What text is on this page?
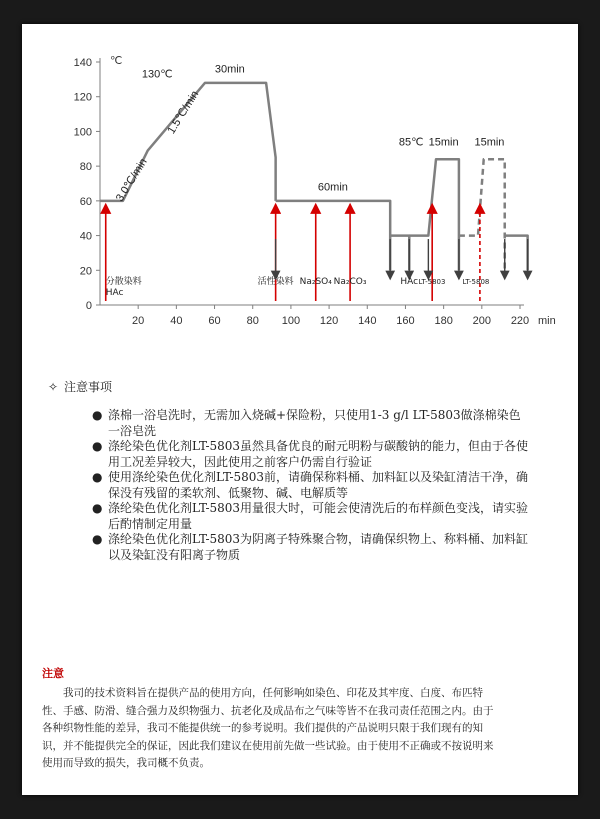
0
20
40
60
80
100
120
140
20 40 60 80 100 120 140 160 180 200 220
℃
min
130℃	30min
1.5℃/min
3.0℃/min	60min
85℃ 15min 15min
分散染料
HAc
活性染料 Na₂SO₄ Na₂CO₃	HAc LT-5803 LT-5808
✧ 注意事项
● 涤棉一浴皂洗时，无需加入烧碱+保险粉，只使用1-3 g/l LT-5803做涤棉染色一浴皂洗
● 涤纶染色优化剂LT-5803虽然具备优良的耐元明粉与碳酸钠的能力，但由于各使用工况差异较大，因此使用之前客户仍需自行验证
● 使用涤纶染色优化剂LT-5803前，请确保称料桶、加料缸以及染缸清洁干净，确保没有残留的柔软剂、低聚物、碱、电解质等
● 涤纶染色优化剂LT-5803用量很大时，可能会使清洗后的布样颜色变浅，请实验后酌情制定用量
● 涤纶染色优化剂LT-5803为阴离子特殊聚合物，请确保织物上、称料桶、加料缸以及染缸没有阳离子物质
注意
我司的技术资料旨在提供产品的使用方向，任何影响如染色、印花及其牢度、白度、布匹特性、手感、防滑、缝合强力及织物强力、抗老化及成品布之气味等皆不在我司责任范围之内。由于各种织物性能的差异，我司不能提供统一的参考说明。我们提供的产品说明只限于我们现有的知识，并不能提供完全的保证，因此我们建议在使用前先做一些试验。由于使用不正确或不按说明来使用而导致的损失，我司概不负责。
